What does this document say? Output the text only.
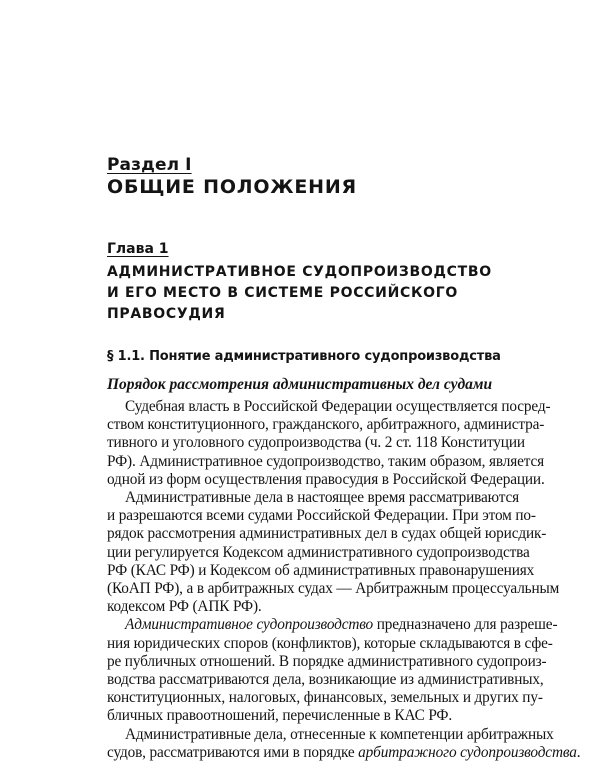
Раздел I
ОБЩИЕ ПОЛОЖЕНИЯ
Глава 1
АДМИНИСТРАТИВНОЕ СУДОПРОИЗВОДСТВО
И ЕГО МЕСТО В СИСТЕМЕ РОССИЙСКОГО
ПРАВОСУДИЯ
§ 1.1. Понятие административного судопроизводства
Порядок рассмотрения административных дел судами

Судебная власть в Российской Федерации осуществляется посред-
ством конституционного, гражданского, арбитражного, администра-
тивного и уголовного судопроизводства (ч. 2 ст. 118 Конституции
РФ). Административное судопроизводство, таким образом, является
одной из форм осуществления правосудия в Российской Федерации.

Административные дела в настоящее время рассматриваются
и разрешаются всеми судами Российской Федерации. При этом по-
рядок рассмотрения административных дел в судах общей юрисдик-
ции регулируется Кодексом административного судопроизводства
РФ (КАС РФ) и Кодексом об административных правонарушениях
(КоАП РФ), а в арбитражных судах — Арбитражным процессуальным
кодексом РФ (АПК РФ).

Административное судопроизводство предназначено для разреше-
ния юридических споров (конфликтов), которые складываются в сфе-
ре публичных отношений. В порядке административного судопроиз-
водства рассматриваются дела, возникающие из административных,
конституционных, налоговых, финансовых, земельных и других пу-
бличных правоотношений, перечисленные в КАС РФ.

Административные дела, отнесенные к компетенции арбитражных
судов, рассматриваются ими в порядке арбитражного судопроизводства.
